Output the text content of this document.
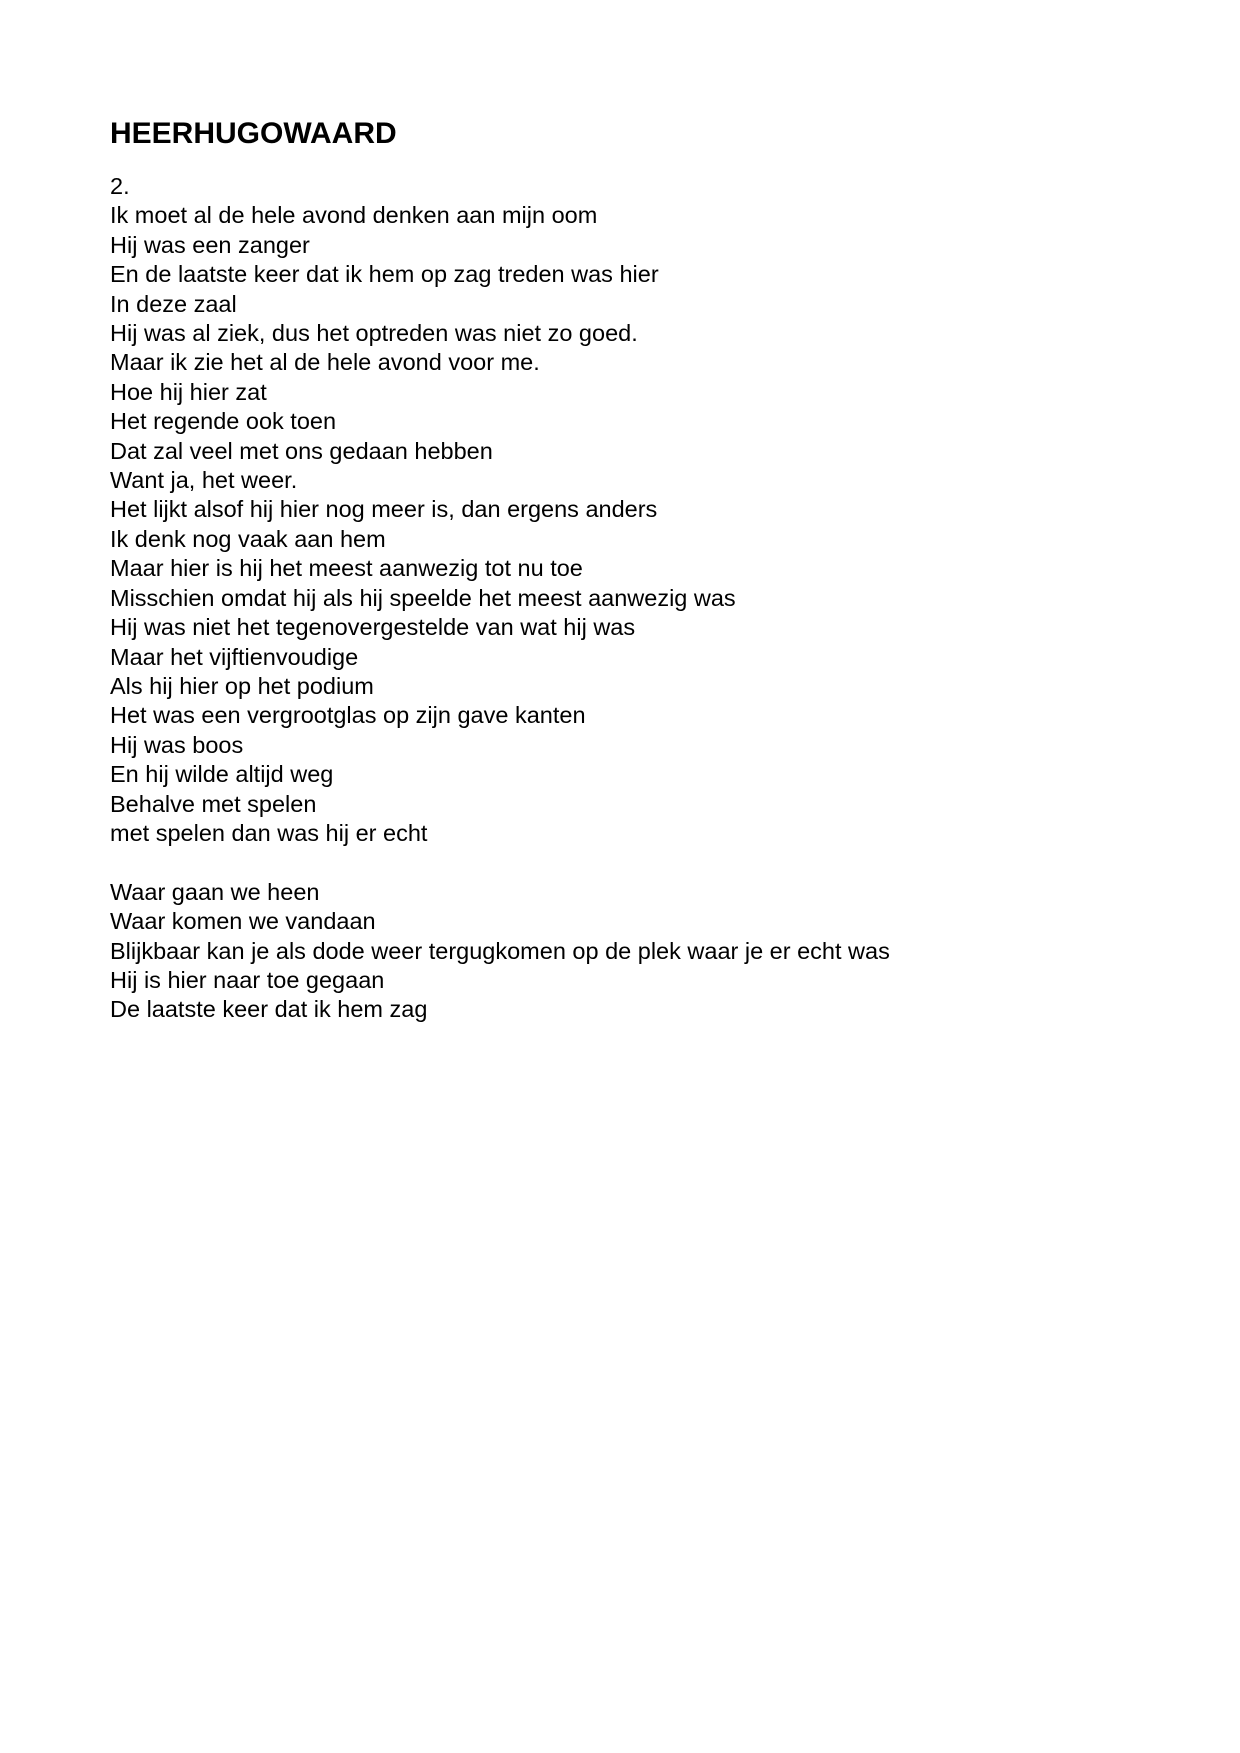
HEERHUGOWAARD
2.
Ik moet al de hele avond denken aan mijn oom
Hij was een zanger
En de laatste keer dat ik hem op zag treden was hier
In deze zaal
Hij was al ziek, dus het optreden was niet zo goed.
Maar ik zie het al de hele avond voor me.
Hoe hij hier zat
Het regende ook toen
Dat zal veel met ons gedaan hebben
Want ja, het weer.
Het lijkt alsof hij hier nog meer is, dan ergens anders
Ik denk nog vaak aan hem
Maar hier is hij het meest aanwezig tot nu toe
Misschien omdat hij als hij speelde het meest aanwezig was
Hij was niet het tegenovergestelde van wat hij was
Maar het vijftienvoudige
Als hij hier op het podium
Het was een vergrootglas op zijn gave kanten
Hij was boos
En hij wilde altijd weg
Behalve met spelen
met spelen dan was hij er echt
Waar gaan we heen
Waar komen we vandaan
Blijkbaar kan je als dode weer tergugkomen op de plek waar je er echt was
Hij is hier naar toe gegaan
De laatste keer dat ik hem zag
